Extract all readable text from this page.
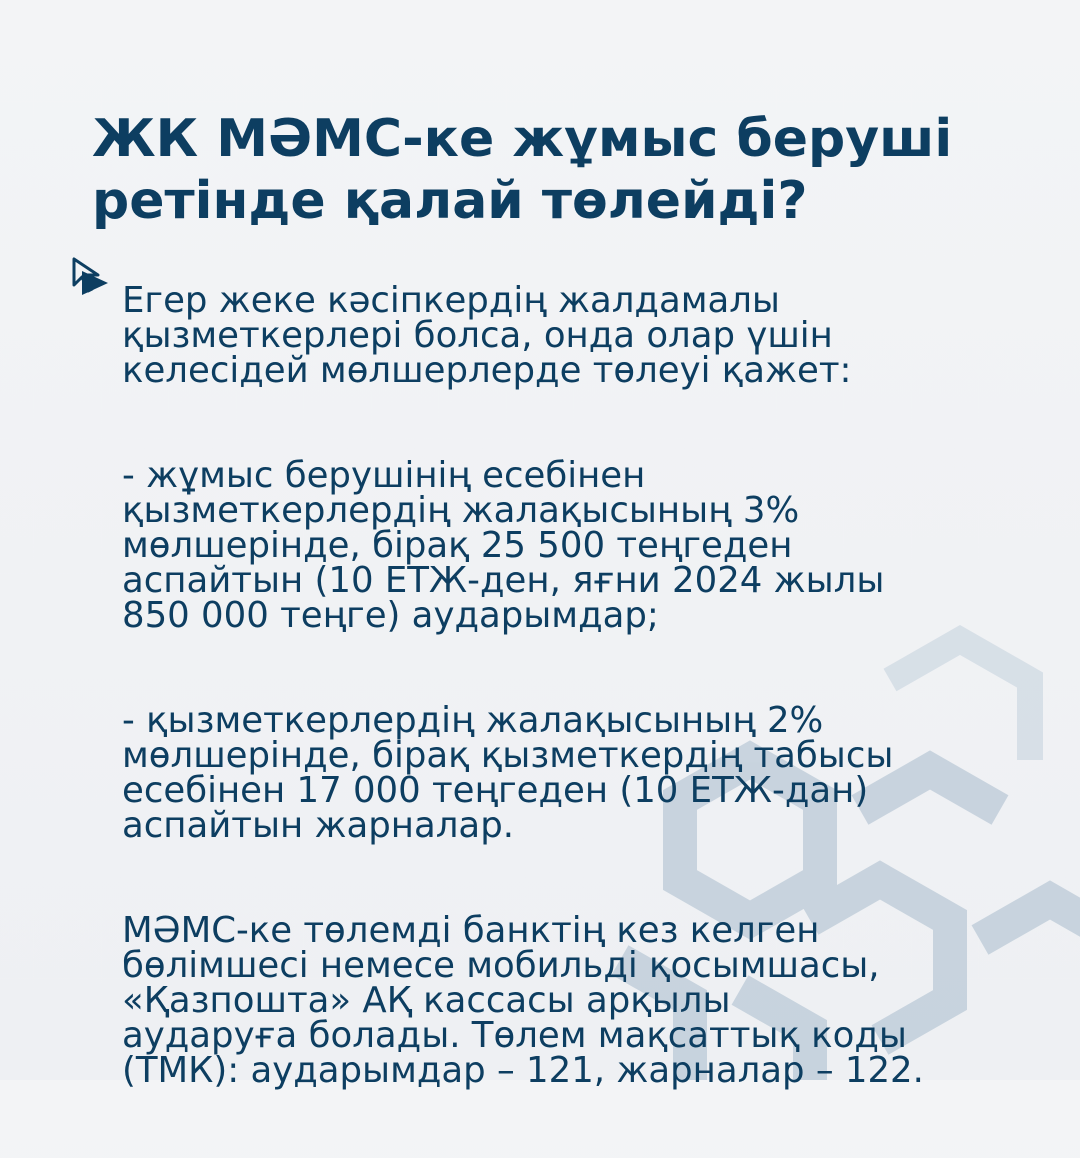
ЖК МӘМС-ке жұмыс беруші
ретінде қалай төлейді?

Егер жеке кәсіпкердің жалдамалы
қызметкерлері болса, онда олар үшін
келесідей мөлшерлерде төлеуі қажет:

- жұмыс берушінің есебінен
қызметкерлердің жалақысының 3%
мөлшерінде, бірақ 25 500 теңгеден
аспайтын (10 ЕТЖ-ден, яғни 2024 жылы
850 000 теңге) аударымдар;

- қызметкерлердің жалақысының 2%
мөлшерінде, бірақ қызметкердің табысы
есебінен 17 000 теңгеден (10 ЕТЖ-дан)
аспайтын жарналар.

МӘМС-ке төлемді банктің кез келген
бөлімшесі немесе мобильді қосымшасы,
«Қазпошта» АҚ кассасы арқылы
аударуға болады. Төлем мақсаттық коды
(ТМК): аударымдар – 121, жарналар – 122.
